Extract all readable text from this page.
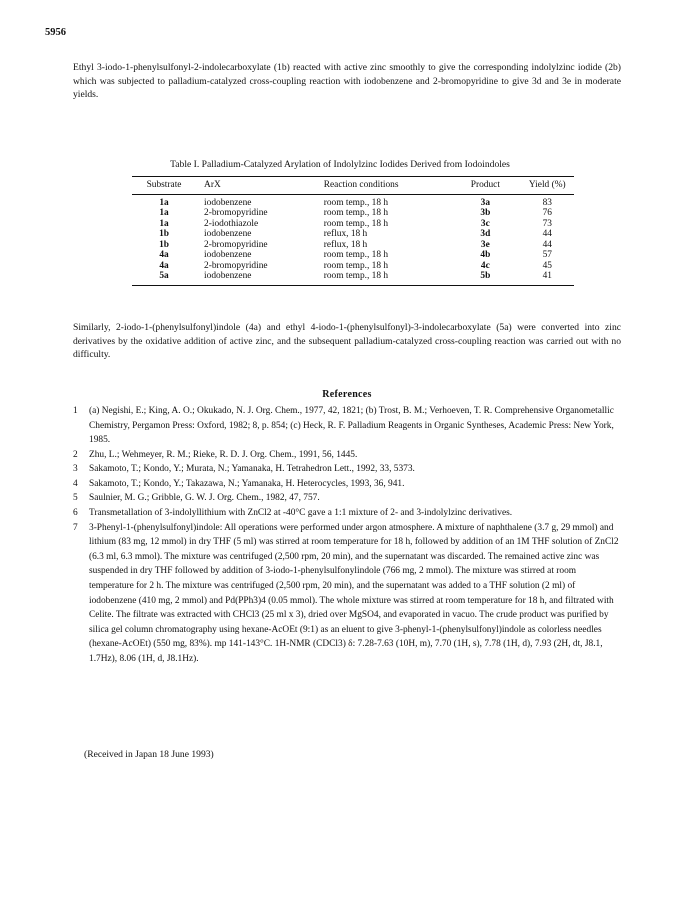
5956

Ethyl 3-iodo-1-phenylsulfonyl-2-indolecarboxylate (1b) reacted with active zinc smoothly to give the corresponding indolylzinc iodide (2b) which was subjected to palladium-catalyzed cross-coupling reaction with iodobenzene and 2-bromopyridine to give 3d and 3e in moderate yields.

Table I. Palladium-Catalyzed Arylation of Indolylzinc Iodides Derived from Iodoindoles
Substrate	ArX	Reaction conditions	Product	Yield (%)
1a	iodobenzene	room temp., 18 h	3a	83
1a	2-bromopyridine	room temp., 18 h	3b	76
1a	2-iodothiazole	room temp., 18 h	3c	73
1b	iodobenzene	reflux, 18 h	3d	44
1b	2-bromopyridine	reflux, 18 h	3e	44
4a	iodobenzene	room temp., 18 h	4b	57
4a	2-bromopyridine	room temp., 18 h	4c	45
5a	iodobenzene	room temp., 18 h	5b	41

Similarly, 2-iodo-1-(phenylsulfonyl)indole (4a) and ethyl 4-iodo-1-(phenylsulfonyl)-3-indolecarboxylate (5a) were converted into zinc derivatives by the oxidative addition of active zinc, and the subsequent palladium-catalyzed cross-coupling reaction was carried out with no difficulty.

References
1 (a) Negishi, E.; King, A. O.; Okukado, N. J. Org. Chem., 1977, 42, 1821; (b) Trost, B. M.; Verhoeven, T. R. Comprehensive Organometallic Chemistry, Pergamon Press: Oxford, 1982; 8, p. 854; (c) Heck, R. F. Palladium Reagents in Organic Syntheses, Academic Press: New York, 1985.
2 Zhu, L.; Wehmeyer, R. M.; Rieke, R. D. J. Org. Chem., 1991, 56, 1445.
3 Sakamoto, T.; Kondo, Y.; Murata, N.; Yamanaka, H. Tetrahedron Lett., 1992, 33, 5373.
4 Sakamoto, T.; Kondo, Y.; Takazawa, N.; Yamanaka, H. Heterocycles, 1993, 36, 941.
5 Saulnier, M. G.; Gribble, G. W. J. Org. Chem., 1982, 47, 757.
6 Transmetallation of 3-indolyllithium with ZnCl2 at -40°C gave a 1:1 mixture of 2- and 3-indolylzinc derivatives.
7 3-Phenyl-1-(phenylsulfonyl)indole: All operations were performed under argon atmosphere. A mixture of naphthalene (3.7 g, 29 mmol) and lithium (83 mg, 12 mmol) in dry THF (5 ml) was stirred at room temperature for 18 h, followed by addition of an 1M THF solution of ZnCl2 (6.3 ml, 6.3 mmol). The mixture was centrifuged (2,500 rpm, 20 min), and the supernatant was discarded. The remained active zinc was suspended in dry THF followed by addition of 3-iodo-1-phenylsulfonylindole (766 mg, 2 mmol). The mixture was stirred at room temperature for 2 h. The mixture was centrifuged (2,500 rpm, 20 min), and the supernatant was added to a THF solution (2 ml) of iodobenzene (410 mg, 2 mmol) and Pd(PPh3)4 (0.05 mmol). The whole mixture was stirred at room temperature for 18 h, and filtrated with Celite. The filtrate was extracted with CHCl3 (25 ml x 3), dried over MgSO4, and evaporated in vacuo. The crude product was purified by silica gel column chromatography using hexane-AcOEt (9:1) as an eluent to give 3-phenyl-1-(phenylsulfonyl)indole as colorless needles (hexane-AcOEt) (550 mg, 83%). mp 141-143°C. 1H-NMR (CDCl3) δ: 7.28-7.63 (10H, m), 7.70 (1H, s), 7.78 (1H, d), 7.93 (2H, dt, J8.1, 1.7Hz), 8.06 (1H, d, J8.1Hz).
(Received in Japan 18 June 1993)
